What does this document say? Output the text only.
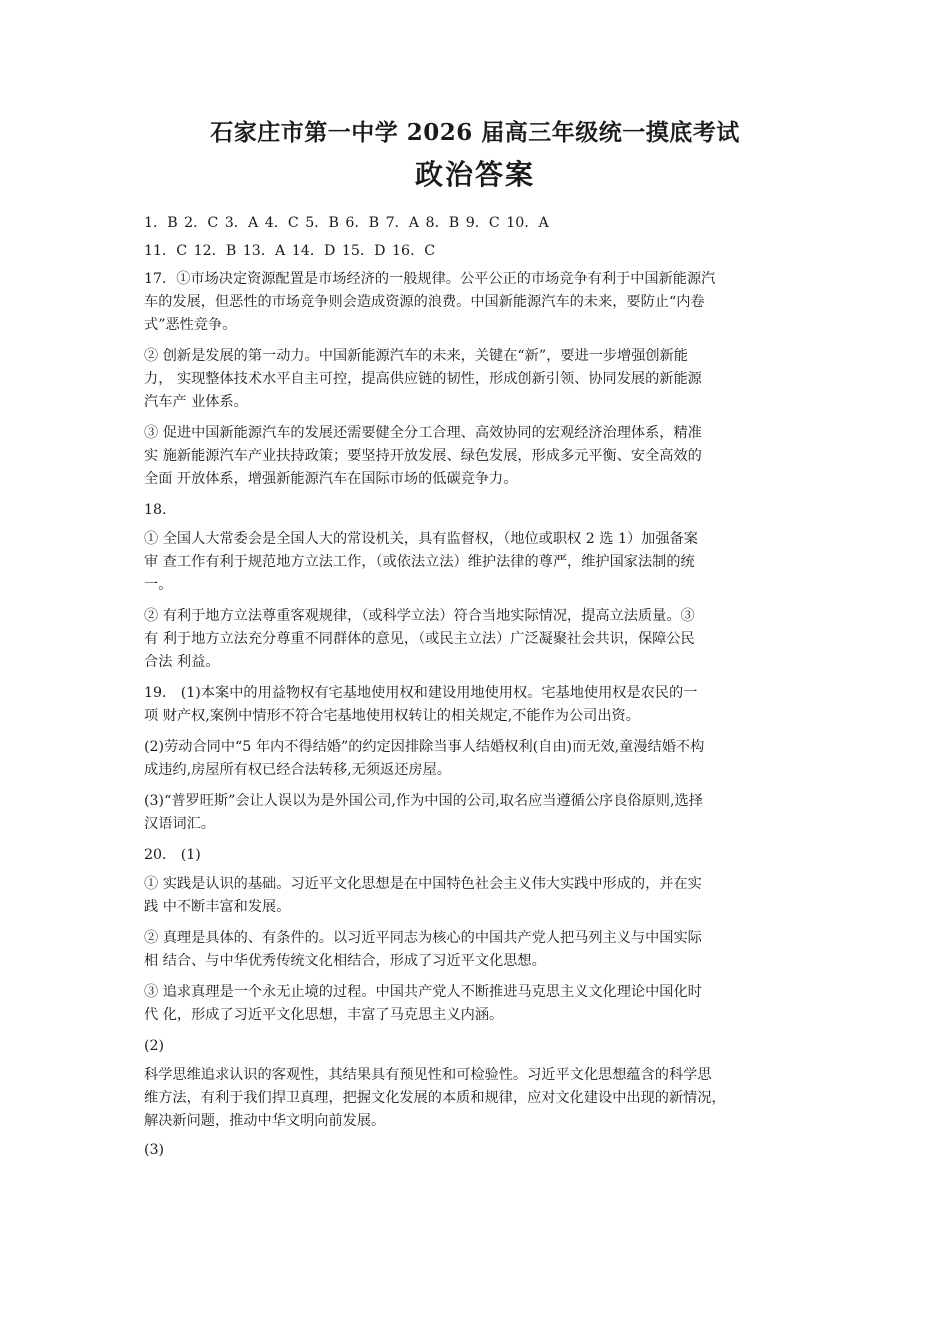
石家庄市第一中学 2026 届高三年级统一摸底考试
政治答案

1．B 2．C 3．A 4．C 5．B 6．B 7．A 8．B 9．C 10．A

11．C 12．B 13．A 14．D 15．D 16．C

17．①市场决定资源配置是市场经济的一般规律。公平公正的市场竞争有利于中国新能源汽

车的发展，但恶性的市场竞争则会造成资源的浪费。中国新能源汽车的未来，要防止“内卷

式”恶性竞争。

② 创新是发展的第一动力。中国新能源汽车的未来，关键在“新”，要进一步增强创新能

力， 实现整体技术水平自主可控，提高供应链的韧性，形成创新引领、协同发展的新能源

汽车产 业体系。

③ 促进中国新能源汽车的发展还需要健全分工合理、高效协同的宏观经济治理体系，精准

实 施新能源汽车产业扶持政策；要坚持开放发展、绿色发展，形成多元平衡、安全高效的

全面 开放体系，增强新能源汽车在国际市场的低碳竞争力。

18.

① 全国人大常委会是全国人大的常设机关，具有监督权，（地位或职权 2 选 1）加强备案

审 查工作有利于规范地方立法工作，（或依法立法）维护法律的尊严，维护国家法制的统

一。

② 有利于地方立法尊重客观规律，（或科学立法）符合当地实际情况，提高立法质量。③

有 利于地方立法充分尊重不同群体的意见，（或民主立法）广泛凝聚社会共识，保障公民

合法 利益。

19． (1)本案中的用益物权有宅基地使用权和建设用地使用权。宅基地使用权是农民的一

项 财产权,案例中情形不符合宅基地使用权转让的相关规定,不能作为公司出资。

(2)劳动合同中“5 年内不得结婚”的约定因排除当事人结婚权利(自由)而无效,童漫结婚不构

成违约,房屋所有权已经合法转移,无须返还房屋。

(3)“普罗旺斯”会让人误以为是外国公司,作为中国的公司,取名应当遵循公序良俗原则,选择

汉语词汇。

20． (1)

① 实践是认识的基础。习近平文化思想是在中国特色社会主义伟大实践中形成的，并在实

践 中不断丰富和发展。

② 真理是具体的、有条件的。以习近平同志为核心的中国共产党人把马列主义与中国实际

相 结合、与中华优秀传统文化相结合，形成了习近平文化思想。

③ 追求真理是一个永无止境的过程。中国共产党人不断推进马克思主义文化理论中国化时

代 化，形成了习近平文化思想，丰富了马克思主义内涵。

(2)

科学思维追求认识的客观性，其结果具有预见性和可检验性。习近平文化思想蕴含的科学思

维方法，有利于我们捍卫真理，把握文化发展的本质和规律，应对文化建设中出现的新情况，

解决新问题，推动中华文明向前发展。

(3)
